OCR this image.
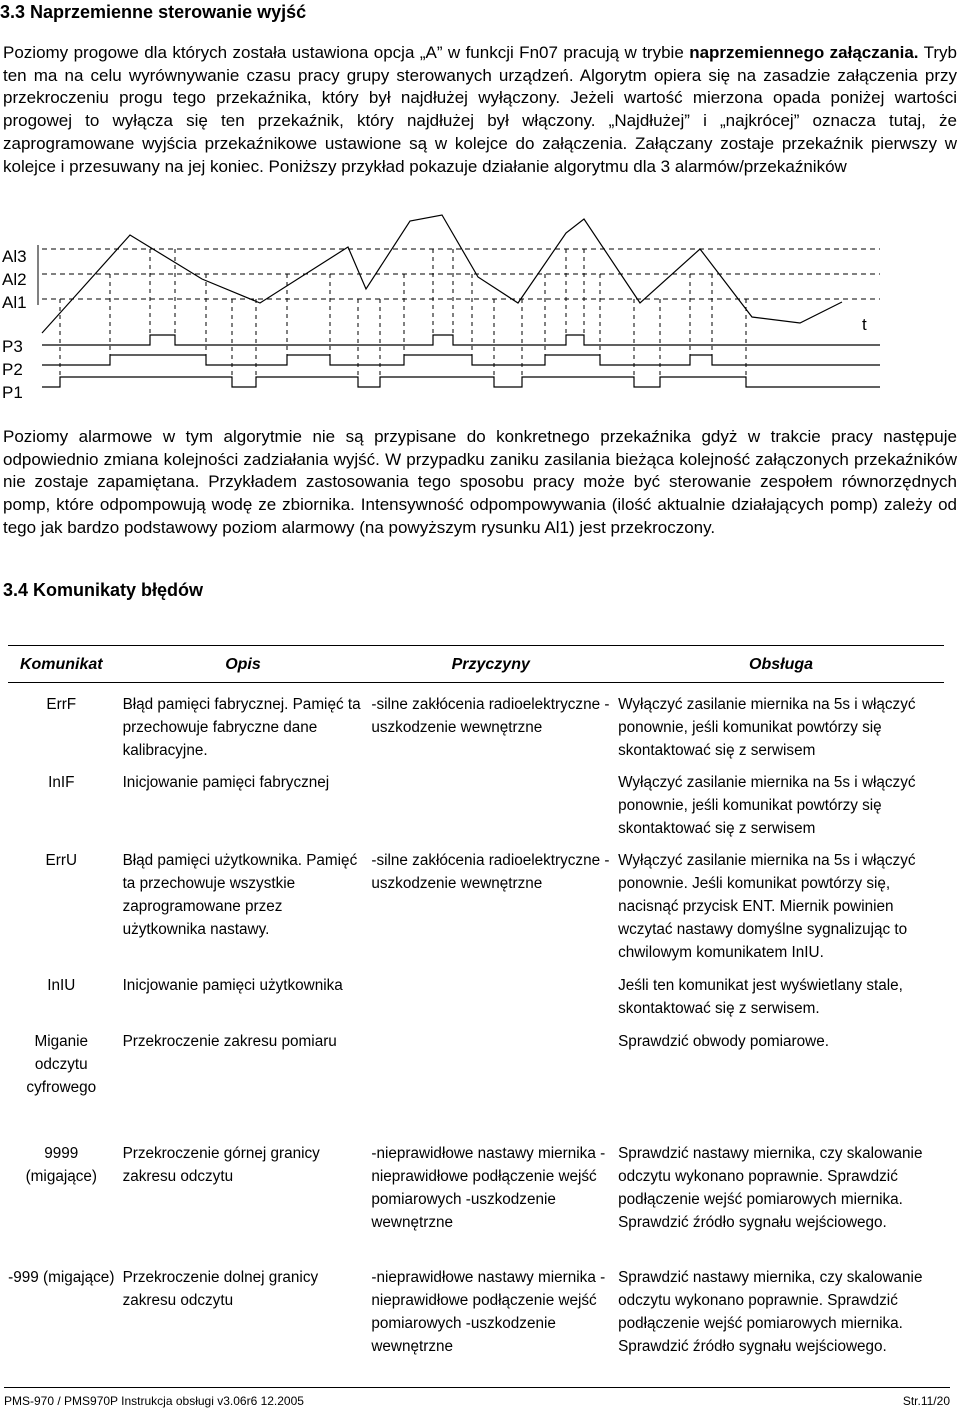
3.3 Naprzemienne sterowanie wyjść

Poziomy progowe dla których została ustawiona opcja „A” w funkcji Fn07 pracują w trybie naprzemiennego załączania. Tryb ten ma na celu wyrównywanie czasu pracy grupy sterowanych urządzeń. Algorytm opiera się na zasadzie załączenia przy przekroczeniu progu tego przekaźnika, który był najdłużej wyłączony. Jeżeli wartość mierzona opada poniżej wartości progowej to wyłącza się ten przekaźnik, który najdłużej był włączony. „Najdłużej” i „najkrócej” oznacza tutaj, że zaprogramowane wyjścia przekaźnikowe ustawione są w kolejce do załączenia. Załączany zostaje przekaźnik pierwszy w kolejce i przesuwany na jej koniec. Poniższy przykład pokazuje działanie algorytmu dla 3 alarmów/przekaźników

Al3
Al2
Al1
P3
P2
P1
t

Poziomy alarmowe w tym algorytmie nie są przypisane do konkretnego przekaźnika gdyż w trakcie pracy następuje odpowiednio zmiana kolejności zadziałania wyjść. W przypadku zaniku zasilania bieżąca kolejność załączonych przekaźników nie zostaje zapamiętana. Przykładem zastosowania tego sposobu pracy może być sterowanie zespołem równorzędnych pomp, które odpompowują wodę ze zbiornika. Intensywność odpompowywania (ilość aktualnie działających pomp) zależy od tego jak bardzo podstawowy poziom alarmowy (na powyższym rysunku Al1) jest przekroczony.

3.4 Komunikaty błędów
Komunikat	Opis	Przyczyny	Obsługa

ErrF	Błąd pamięci fabrycznej. Pamięć ta przechowuje fabryczne dane kalibracyjne.	-silne zakłócenia radioelektryczne -uszkodzenie wewnętrzne	Wyłączyć zasilanie miernika na 5s i włączyć ponownie, jeśli komunikat powtórzy się skontaktować się z serwisem
InIF	Inicjowanie pamięci fabrycznej		Wyłączyć zasilanie miernika na 5s i włączyć ponownie, jeśli komunikat powtórzy się skontaktować się z serwisem
ErrU	Błąd pamięci użytkownika. Pamięć ta przechowuje wszystkie zaprogramowane przez użytkownika nastawy.	-silne zakłócenia radioelektryczne -uszkodzenie wewnętrzne	Wyłączyć zasilanie miernika na 5s i włączyć ponownie. Jeśli komunikat powtórzy się, nacisnąć przycisk ENT. Miernik powinien wczytać nastawy domyślne sygnalizując to chwilowym komunikatem InIU.
InIU	Inicjowanie pamięci użytkownika		Jeśli ten komunikat jest wyświetlany stale, skontaktować się z serwisem.
Miganie odczytu cyfrowego	Przekroczenie zakresu pomiaru		Sprawdzić obwody pomiarowe.
9999 (migające)	Przekroczenie górnej granicy zakresu odczytu	-nieprawidłowe nastawy miernika -nieprawidłowe podłączenie wejść pomiarowych -uszkodzenie wewnętrzne	Sprawdzić nastawy miernika, czy skalowanie odczytu wykonano poprawnie. Sprawdzić podłączenie wejść pomiarowych miernika. Sprawdzić źródło sygnału wejściowego.
-999 (migające)	Przekroczenie dolnej granicy zakresu odczytu	-nieprawidłowe nastawy miernika -nieprawidłowe podłączenie wejść pomiarowych -uszkodzenie wewnętrzne	Sprawdzić nastawy miernika, czy skalowanie odczytu wykonano poprawnie. Sprawdzić podłączenie wejść pomiarowych miernika. Sprawdzić źródło sygnału wejściowego.
PMS-970 / PMS970P Instrukcja obsługi v3.06r6 12.2005	Str.11/20
